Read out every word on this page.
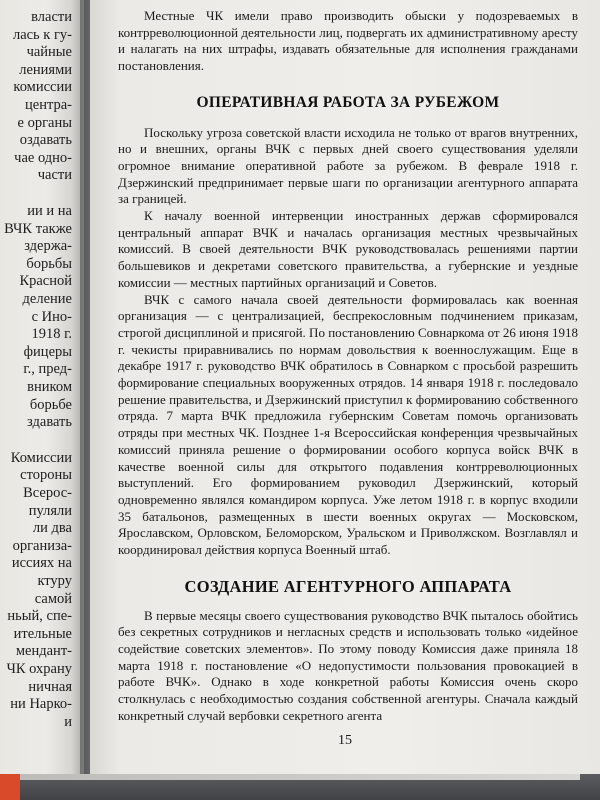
власти
лась к гу-
чайные
лениями
комиссии
центра-
е органы
оздавать
чае одно-
части
ии и на
ВЧК также
здержа-
борьбы
Красной
деление
с Ино-
1918 г.
фицеры
г., пред-
вником
борьбе
здавать
Комиссии
стороны
Всерос-
пуляли
ли два
организа-
иссиях на
ктуру
самой
ньый, спе-
ительные
мендант-
ЧК охрану
ничная
ни Нарко-
и

Местные ЧК имели право производить обыски у подозреваемых в контрреволюционной деятельности лиц, подвергать их административному аресту и налагать на них штрафы, издавать обязательные для исполнения гражданами постановления.

ОПЕРАТИВНАЯ РАБОТА ЗА РУБЕЖОМ

Поскольку угроза советской власти исходила не только от врагов внутренних, но и внешних, органы ВЧК с первых дней своего существования уделяли огромное внимание оперативной работе за рубежом. В феврале 1918 г. Дзержинский предпринимает первые шаги по организации агентурного аппарата за границей.

К началу военной интервенции иностранных держав сформировался центральный аппарат ВЧК и началась организация местных чрезвычайных комиссий. В своей деятельности ВЧК руководствовалась решениями партии большевиков и декретами советского правительства, а губернские и уездные комиссии — местных партийных организаций и Советов.

ВЧК с самого начала своей деятельности формировалась как военная организация — с централизацией, беспрекословным подчинением приказам, строгой дисциплиной и присягой. По постановлению Совнаркома от 26 июня 1918 г. чекисты приравнивались по нормам довольствия к военнослужащим. Еще в декабре 1917 г. руководство ВЧК обратилось в Совнарком с просьбой разрешить формирование специальных вооруженных отрядов. 14 января 1918 г. последовало решение правительства, и Дзержинский приступил к формированию собственного отряда. 7 марта ВЧК предложила губернским Советам помочь организовать отряды при местных ЧК. Позднее 1-я Всероссийская конференция чрезвычайных комиссий приняла решение о формировании особого корпуса войск ВЧК в качестве военной силы для открытого подавления контрреволюционных выступлений. Его формированием руководил Дзержинский, который одновременно являлся командиром корпуса. Уже летом 1918 г. в корпус входили 35 батальонов, размещенных в шести военных округах — Московском, Ярославском, Орловском, Беломорском, Уральском и Приволжском. Возглавлял и координировал действия корпуса Военный штаб.

СОЗДАНИЕ АГЕНТУРНОГО АППАРАТА

В первые месяцы своего существования руководство ВЧК пыталось обойтись без секретных сотрудников и негласных средств и использовать только «идейное содействие советских элементов». По этому поводу Комиссия даже приняла 18 марта 1918 г. постановление «О недопустимости пользования провокацией в работе ВЧК». Однако в ходе конкретной работы Комиссия очень скоро столкнулась с необходимостью создания собственной агентуры. Сначала каждый конкретный случай вербовки секретного агента

15
